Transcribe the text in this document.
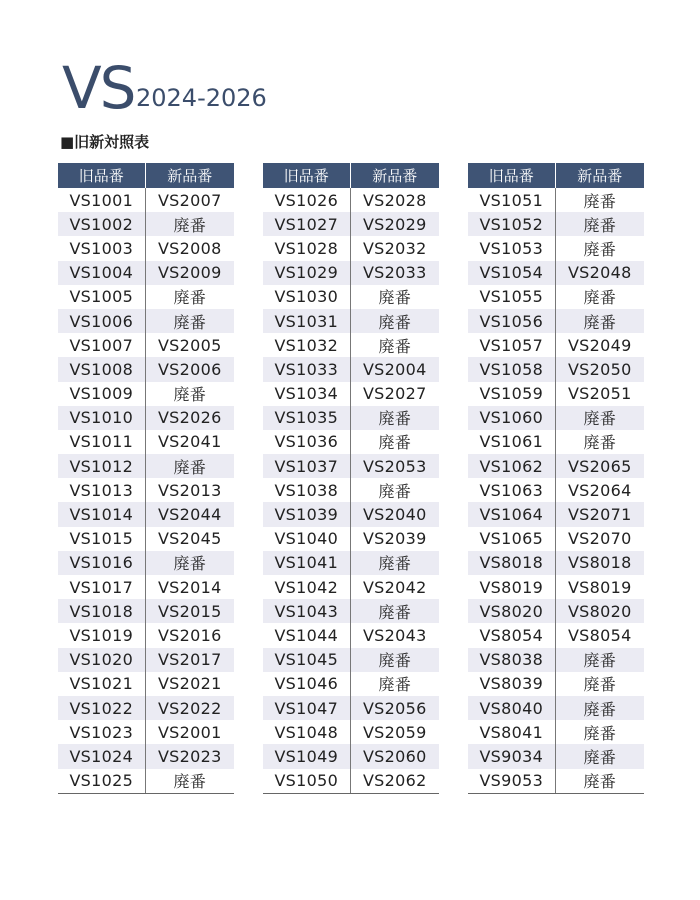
VS 2024-2026
■旧新対照表
旧品番	新品番
VS1001	VS2007
VS1002	廃番
VS1003	VS2008
VS1004	VS2009
VS1005	廃番
VS1006	廃番
VS1007	VS2005
VS1008	VS2006
VS1009	廃番
VS1010	VS2026
VS1011	VS2041
VS1012	廃番
VS1013	VS2013
VS1014	VS2044
VS1015	VS2045
VS1016	廃番
VS1017	VS2014
VS1018	VS2015
VS1019	VS2016
VS1020	VS2017
VS1021	VS2021
VS1022	VS2022
VS1023	VS2001
VS1024	VS2023
VS1025	廃番
旧品番	新品番
VS1026	VS2028
VS1027	VS2029
VS1028	VS2032
VS1029	VS2033
VS1030	廃番
VS1031	廃番
VS1032	廃番
VS1033	VS2004
VS1034	VS2027
VS1035	廃番
VS1036	廃番
VS1037	VS2053
VS1038	廃番
VS1039	VS2040
VS1040	VS2039
VS1041	廃番
VS1042	VS2042
VS1043	廃番
VS1044	VS2043
VS1045	廃番
VS1046	廃番
VS1047	VS2056
VS1048	VS2059
VS1049	VS2060
VS1050	VS2062
旧品番	新品番
VS1051	廃番
VS1052	廃番
VS1053	廃番
VS1054	VS2048
VS1055	廃番
VS1056	廃番
VS1057	VS2049
VS1058	VS2050
VS1059	VS2051
VS1060	廃番
VS1061	廃番
VS1062	VS2065
VS1063	VS2064
VS1064	VS2071
VS1065	VS2070
VS8018	VS8018
VS8019	VS8019
VS8020	VS8020
VS8054	VS8054
VS8038	廃番
VS8039	廃番
VS8040	廃番
VS8041	廃番
VS9034	廃番
VS9053	廃番
